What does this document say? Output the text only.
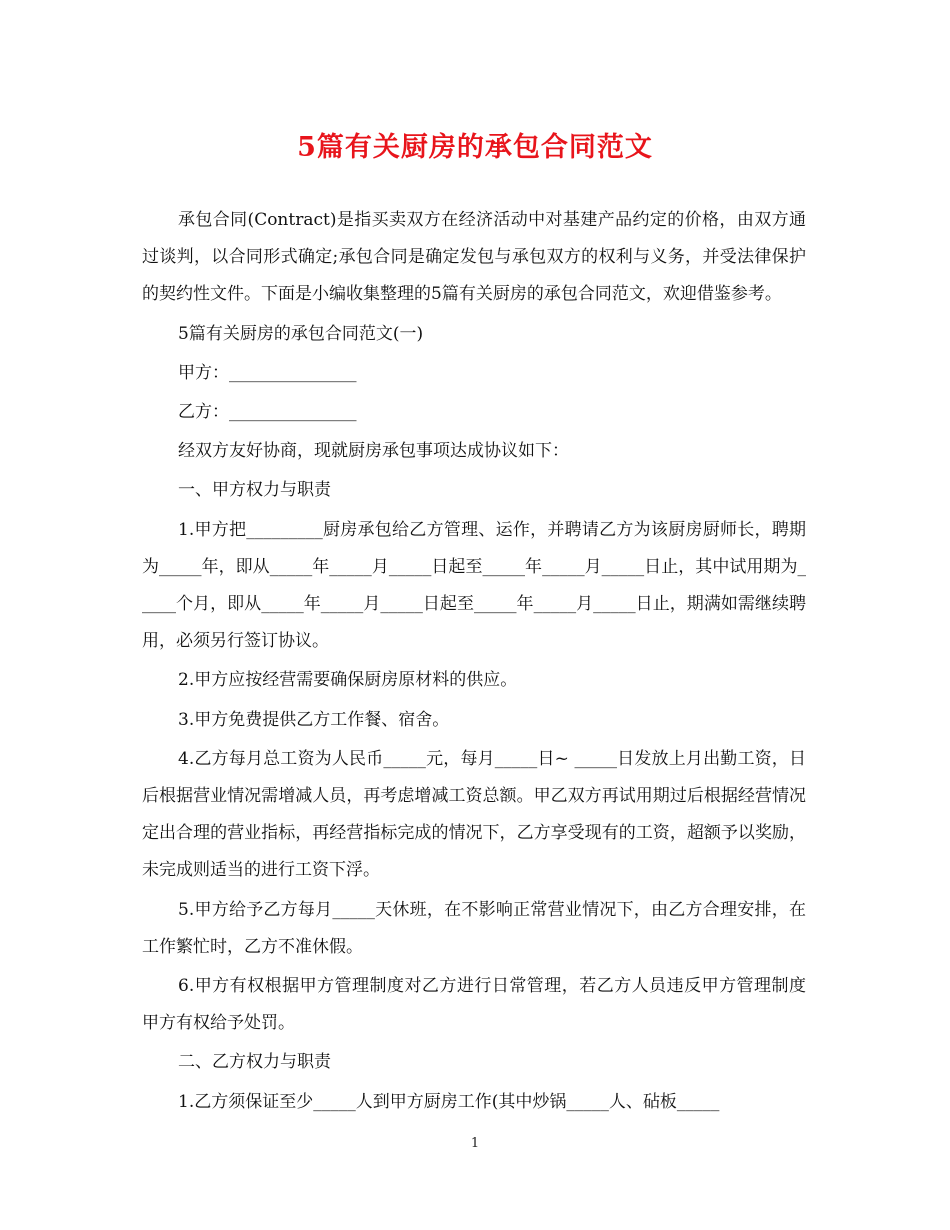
5篇有关厨房的承包合同范文

承包合同(Contract)是指买卖双方在经济活动中对基建产品约定的价格，由双方通过谈判，以合同形式确定;承包合同是确定发包与承包双方的权利与义务，并受法律保护的契约性文件。下面是小编收集整理的5篇有关厨房的承包合同范文，欢迎借鉴参考。

5篇有关厨房的承包合同范文(一)

甲方：_______________

乙方：_______________

经双方友好协商，现就厨房承包事项达成协议如下：

一、甲方权力与职责

1.甲方把_________厨房承包给乙方管理、运作，并聘请乙方为该厨房厨师长，聘期为_____年，即从_____年_____月_____日起至_____年_____月_____日止，其中试用期为_____个月，即从_____年_____月_____日起至_____年_____月_____日止，期满如需继续聘用，必须另行签订协议。

2.甲方应按经营需要确保厨房原材料的供应。

3.甲方免费提供乙方工作餐、宿舍。

4.乙方每月总工资为人民币_____元，每月_____日~ _____日发放上月出勤工资，日后根据营业情况需增减人员，再考虑增减工资总额。甲乙双方再试用期过后根据经营情况定出合理的营业指标，再经营指标完成的情况下，乙方享受现有的工资，超额予以奖励，未完成则适当的进行工资下浮。

5.甲方给予乙方每月_____天休班，在不影响正常营业情况下，由乙方合理安排，在工作繁忙时，乙方不准休假。

6.甲方有权根据甲方管理制度对乙方进行日常管理，若乙方人员违反甲方管理制度甲方有权给予处罚。

二、乙方权力与职责

1.乙方须保证至少_____人到甲方厨房工作(其中炒锅_____人、砧板_____

1
